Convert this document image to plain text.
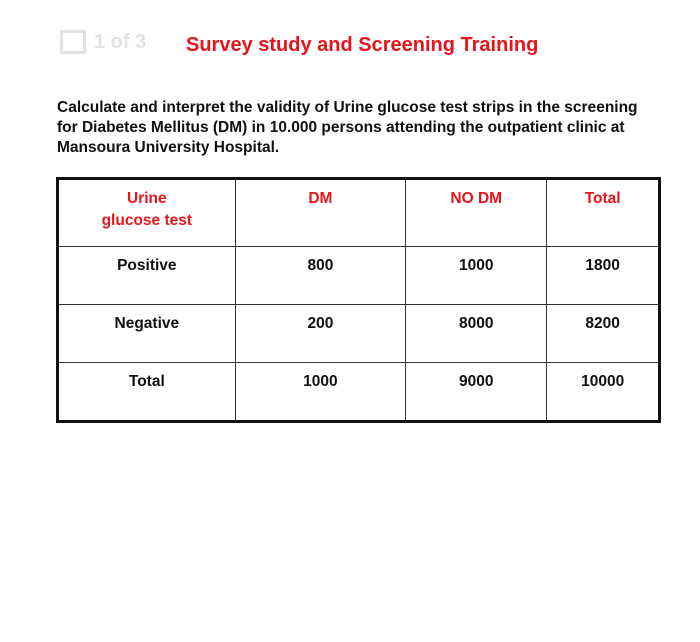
1 of 3 Survey study and Screening Training

Calculate and interpret the validity of Urine glucose test strips in the screening for Diabetes Mellitus (DM) in 10.000 persons attending the outpatient clinic at Mansoura University Hospital.

Urine
glucose test	DM	NO DM	Total
Positive	800	1000	1800
Negative	200	8000	8200
Total	1000	9000	10000
